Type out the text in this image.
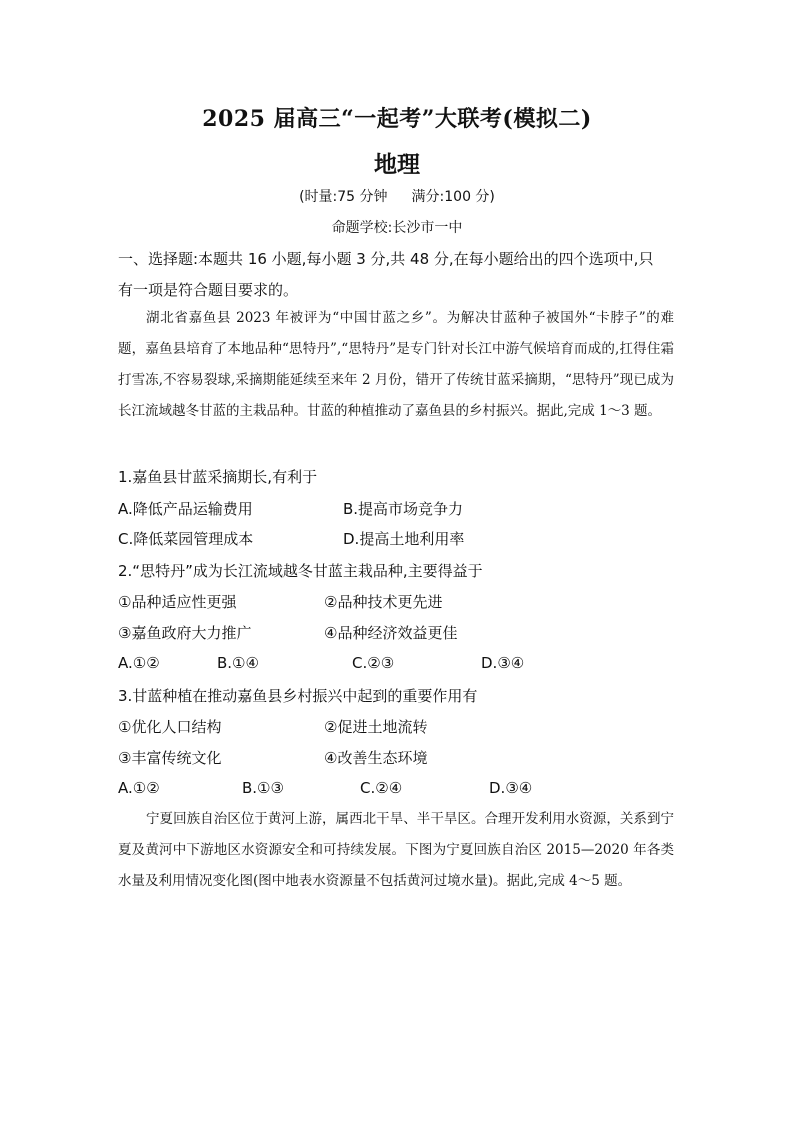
2025 届高三“一起考”大联考(模拟二)
地理
(时量:75 分钟 满分:100 分)
命题学校:长沙市一中
一、选择题:本题共 16 小题,每小题 3 分,共 48 分,在每小题给出的四个选项中,只
有一项是符合题目要求的。
湖北省嘉鱼县 2023 年被评为“中国甘蓝之乡”。为解决甘蓝种子被国外“卡脖子”的难题，嘉鱼县培育了本地品种“思特丹”,“思特丹”是专门针对长江中游气候培育而成的,扛得住霜打雪冻,不容易裂球,采摘期能延续至来年 2 月份，错开了传统甘蓝采摘期，“思特丹”现已成为长江流域越冬甘蓝的主栽品种。甘蓝的种植推动了嘉鱼县的乡村振兴。据此,完成 1～3 题。
1.嘉鱼县甘蓝采摘期长,有利于
A.降低产品运输费用	B.提高市场竞争力
C.降低菜园管理成本	D.提高土地利用率
2.“思特丹”成为长江流域越冬甘蓝主栽品种,主要得益于
①品种适应性更强	②品种技术更先进
③嘉鱼政府大力推广	④品种经济效益更佳
A.①②	B.①④	C.②③	D.③④
3.甘蓝种植在推动嘉鱼县乡村振兴中起到的重要作用有
①优化人口结构	②促进土地流转
③丰富传统文化	④改善生态环境
A.①②	B.①③	C.②④	D.③④
宁夏回族自治区位于黄河上游，属西北干旱、半干旱区。合理开发利用水资源，关系到宁夏及黄河中下游地区水资源安全和可持续发展。下图为宁夏回族自治区 2015—2020 年各类水量及利用情况变化图(图中地表水资源量不包括黄河过境水量)。据此,完成 4～5 题。
